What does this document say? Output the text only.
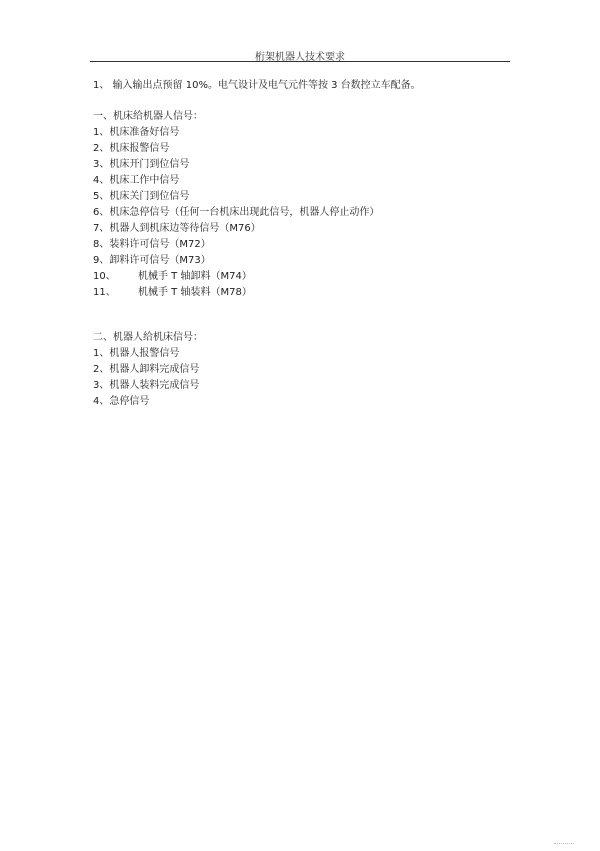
桁架机器人技术要求
1、 输入输出点预留 10%。电气设计及电气元件等按 3 台数控立车配备。
一、机床给机器人信号：
1、机床准备好信号
2、机床报警信号
3、机床开门到位信号
4、机床工作中信号
5、机床关门到位信号
6、机床急停信号（任何一台机床出现此信号，机器人停止动作）
7、机器人到机床边等待信号（M76）
8、装料许可信号（M72）
9、卸料许可信号（M73）
10、 机械手 T 轴卸料（M74）
11、 机械手 T 轴装料（M78）
二、机器人给机床信号：
1、机器人报警信号
2、机器人卸料完成信号
3、机器人装料完成信号
4、急停信号
